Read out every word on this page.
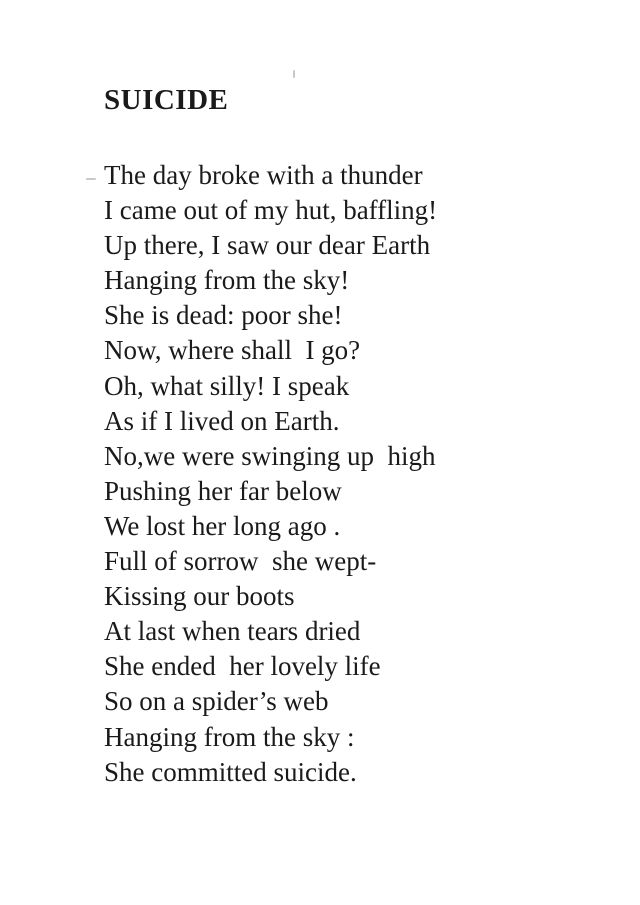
SUICIDE
The day broke with a thunder
I came out of my hut, baffling!
Up there, I saw our dear Earth
Hanging from the sky!
She is dead: poor she!
Now, where shall  I go?
Oh, what silly! I speak
As if I lived on Earth.
No,we were swinging up  high
Pushing her far below
We lost her long ago .
Full of sorrow  she wept-
Kissing our boots
At last when tears dried
She ended  her lovely life
So on a spider’s web
Hanging from the sky :
She committed suicide.
